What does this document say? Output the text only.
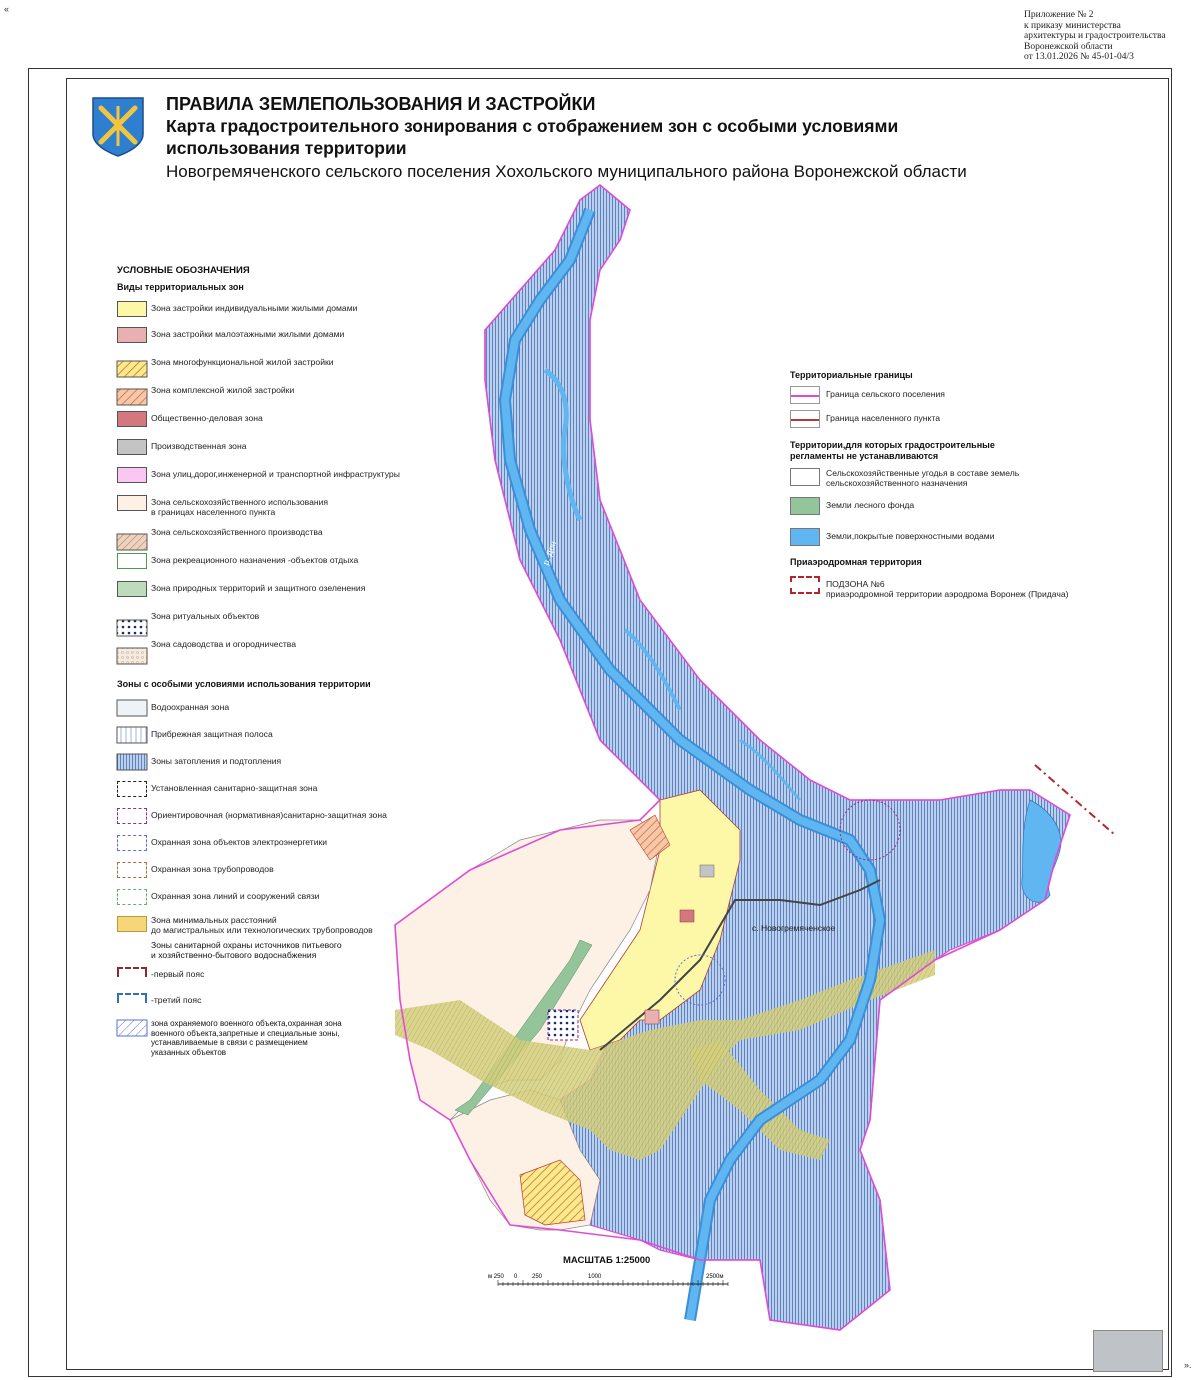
«
».
Приложение № 2
к приказу министерства
архитектуры и градостроительства
Воронежской области
от 13.01.2026 № 45-01-04/3
ПРАВИЛА ЗЕМЛЕПОЛЬЗОВАНИЯ И ЗАСТРОЙКИ
Карта градостроительного зонирования с отображением зон с особыми условиями
использования территории
Новогремяченского сельского поселения Хохольского муниципального района Воронежской области
УСЛОВНЫЕ ОБОЗНАЧЕНИЯ
Виды территориальных зон
Зона застройки индивидуальными жилыми домами
Зона застройки малоэтажными жилыми домами
Зона многофункциональной жилой застройки
Зона комплексной жилой застройки
Общественно-деловая зона
Производственная зона
Зона улиц,дорог,инженерной и транспортной инфраструктуры
Зона сельскохозяйственного использования
в границах населенного пункта
Зона сельскохозяйственного производства
Зона рекреационного назначения -объектов отдыха
Зона природных территорий и защитного озеленения
Зона ритуальных объектов
Зона садоводства и огородничества
Зоны с особыми условиями использования территории
Водоохранная зона
Прибрежная защитная полоса
Зоны затопления и подтопления
Установленная санитарно-защитная зона
Ориентировочная (нормативная)санитарно-защитная зона
Охранная зона объектов электроэнергетики
Охранная зона трубопроводов
Охранная зона линий и сооружений связи
Зона минимальных расстояний
до магистральных или технологических трубопроводов
Зоны санитарной охраны источников питьевого
и хозяйственно-бытового водоснабжения
-первый пояс
-третий пояс
зона охраняемого военного объекта,охранная зона
военного объекта,запретные и специальные зоны,
устанавливаемые в связи с размещением
указанных объектов
Территориальные границы
Граница сельского поселения
Граница населенного пункта
Территории,для которых градостроительные
регламенты не устанавливаются
Сельскохозяйственные угодья в составе земель
сельскохозяйственного назначения
Земли лесного фонда
Земли,покрытые поверхностными водами
Приаэродромная территория
ПОДЗОНА №6
приаэродромной территории аэродрома Воронеж (Придача)
с. Новогремяченское
р. Дон
МАСШТАБ 1:25000
м 250 0 250	1000	2500м
